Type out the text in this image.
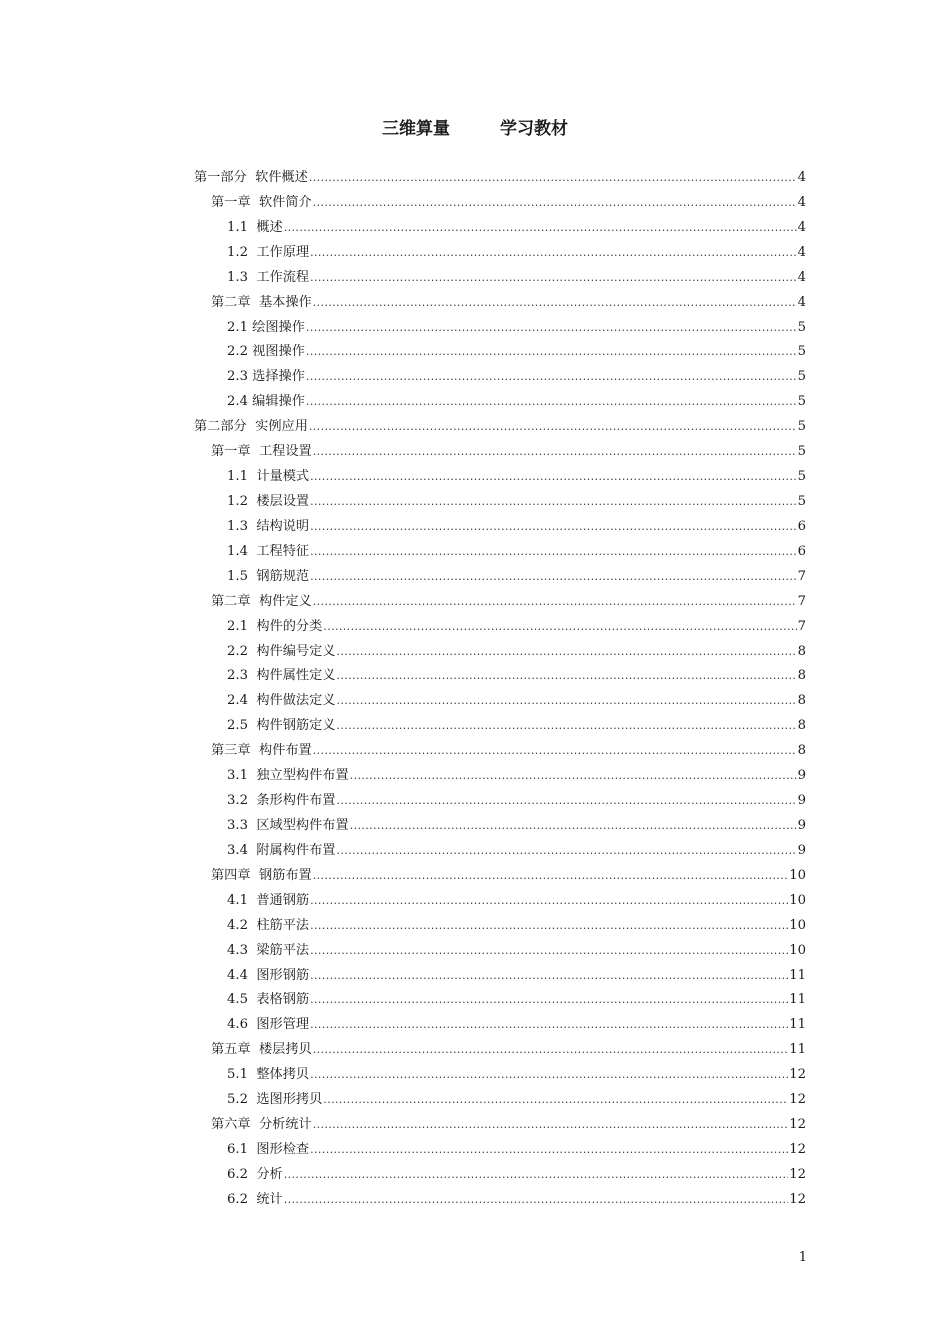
三维算量	学习教材
第一部分  软件概述 .....	4
第一章  软件简介 .....	4
1.1  概述 .....	4
1.2  工作原理 .....	4
1.3  工作流程 .....	4
第二章  基本操作 .....	4
2.1 绘图操作 .....	5
2.2 视图操作 .....	5
2.3 选择操作 .....	5
2.4 编辑操作 .....	5
第二部分  实例应用 .....	5
第一章  工程设置 .....	5
1.1  计量模式 .....	5
1.2  楼层设置 .....	5
1.3  结构说明 .....	6
1.4  工程特征 .....	6
1.5  钢筋规范 .....	7
第二章  构件定义 .....	7
2.1  构件的分类 .....	7
2.2  构件编号定义 .....	8
2.3  构件属性定义 .....	8
2.4  构件做法定义 .....	8
2.5  构件钢筋定义 .....	8
第三章  构件布置 .....	8
3.1  独立型构件布置 .....	9
3.2  条形构件布置 .....	9
3.3  区域型构件布置 .....	9
3.4  附属构件布置 .....	9
第四章  钢筋布置 .....	10
4.1  普通钢筋 .....	10
4.2  柱筋平法 .....	10
4.3  梁筋平法 .....	10
4.4  图形钢筋 .....	11
4.5  表格钢筋 .....	11
4.6  图形管理 .....	11
第五章  楼层拷贝 .....	11
5.1  整体拷贝 .....	12
5.2  选图形拷贝 .....	12
第六章  分析统计 .....	12
6.1  图形检查 .....	12
6.2  分析 .....	12
6.2  统计 .....	12
1
